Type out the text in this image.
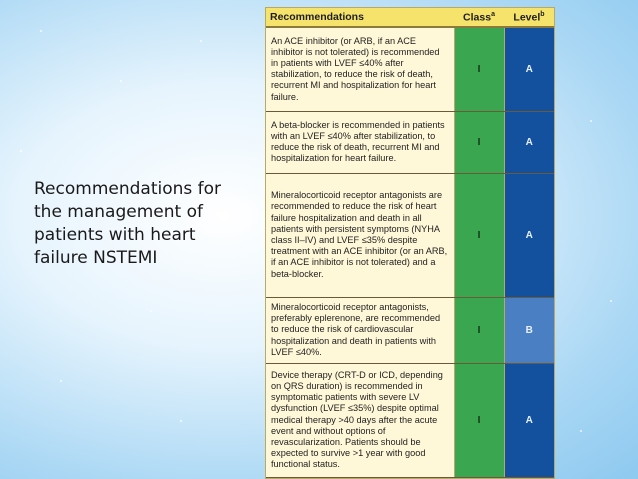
Recommendations for the management of patients with heart failure NSTEMI
Recommendations	Class$^a$	Level$^b$
An ACE inhibitor (or ARB, if an ACE inhibitor is not tolerated) is recommended in patients with LVEF ≤40% after stabilization, to reduce the risk of death, recurrent MI and hospitalization for heart failure.	I	A
A beta-blocker is recommended in patients with an LVEF ≤40% after stabilization, to reduce the risk of death, recurrent MI and hospitalization for heart failure.	I	A
Mineralocorticoid receptor antagonists are recommended to reduce the risk of heart failure hospitalization and death in all patients with persistent symptoms (NYHA class II–IV) and LVEF ≤35% despite treatment with an ACE inhibitor (or an ARB, if an ACE inhibitor is not tolerated) and a beta-blocker.	I	A
Mineralocorticoid receptor antagonists, preferably eplerenone, are recommended to reduce the risk of cardiovascular hospitalization and death in patients with LVEF ≤40%.	I	B
Device therapy (CRT-D or ICD, depending on QRS duration) is recommended in symptomatic patients with severe LV dysfunction (LVEF ≤35%) despite optimal medical therapy >40 days after the acute event and without options of revascularization. Patients should be expected to survive >1 year with good functional status.	I	A
